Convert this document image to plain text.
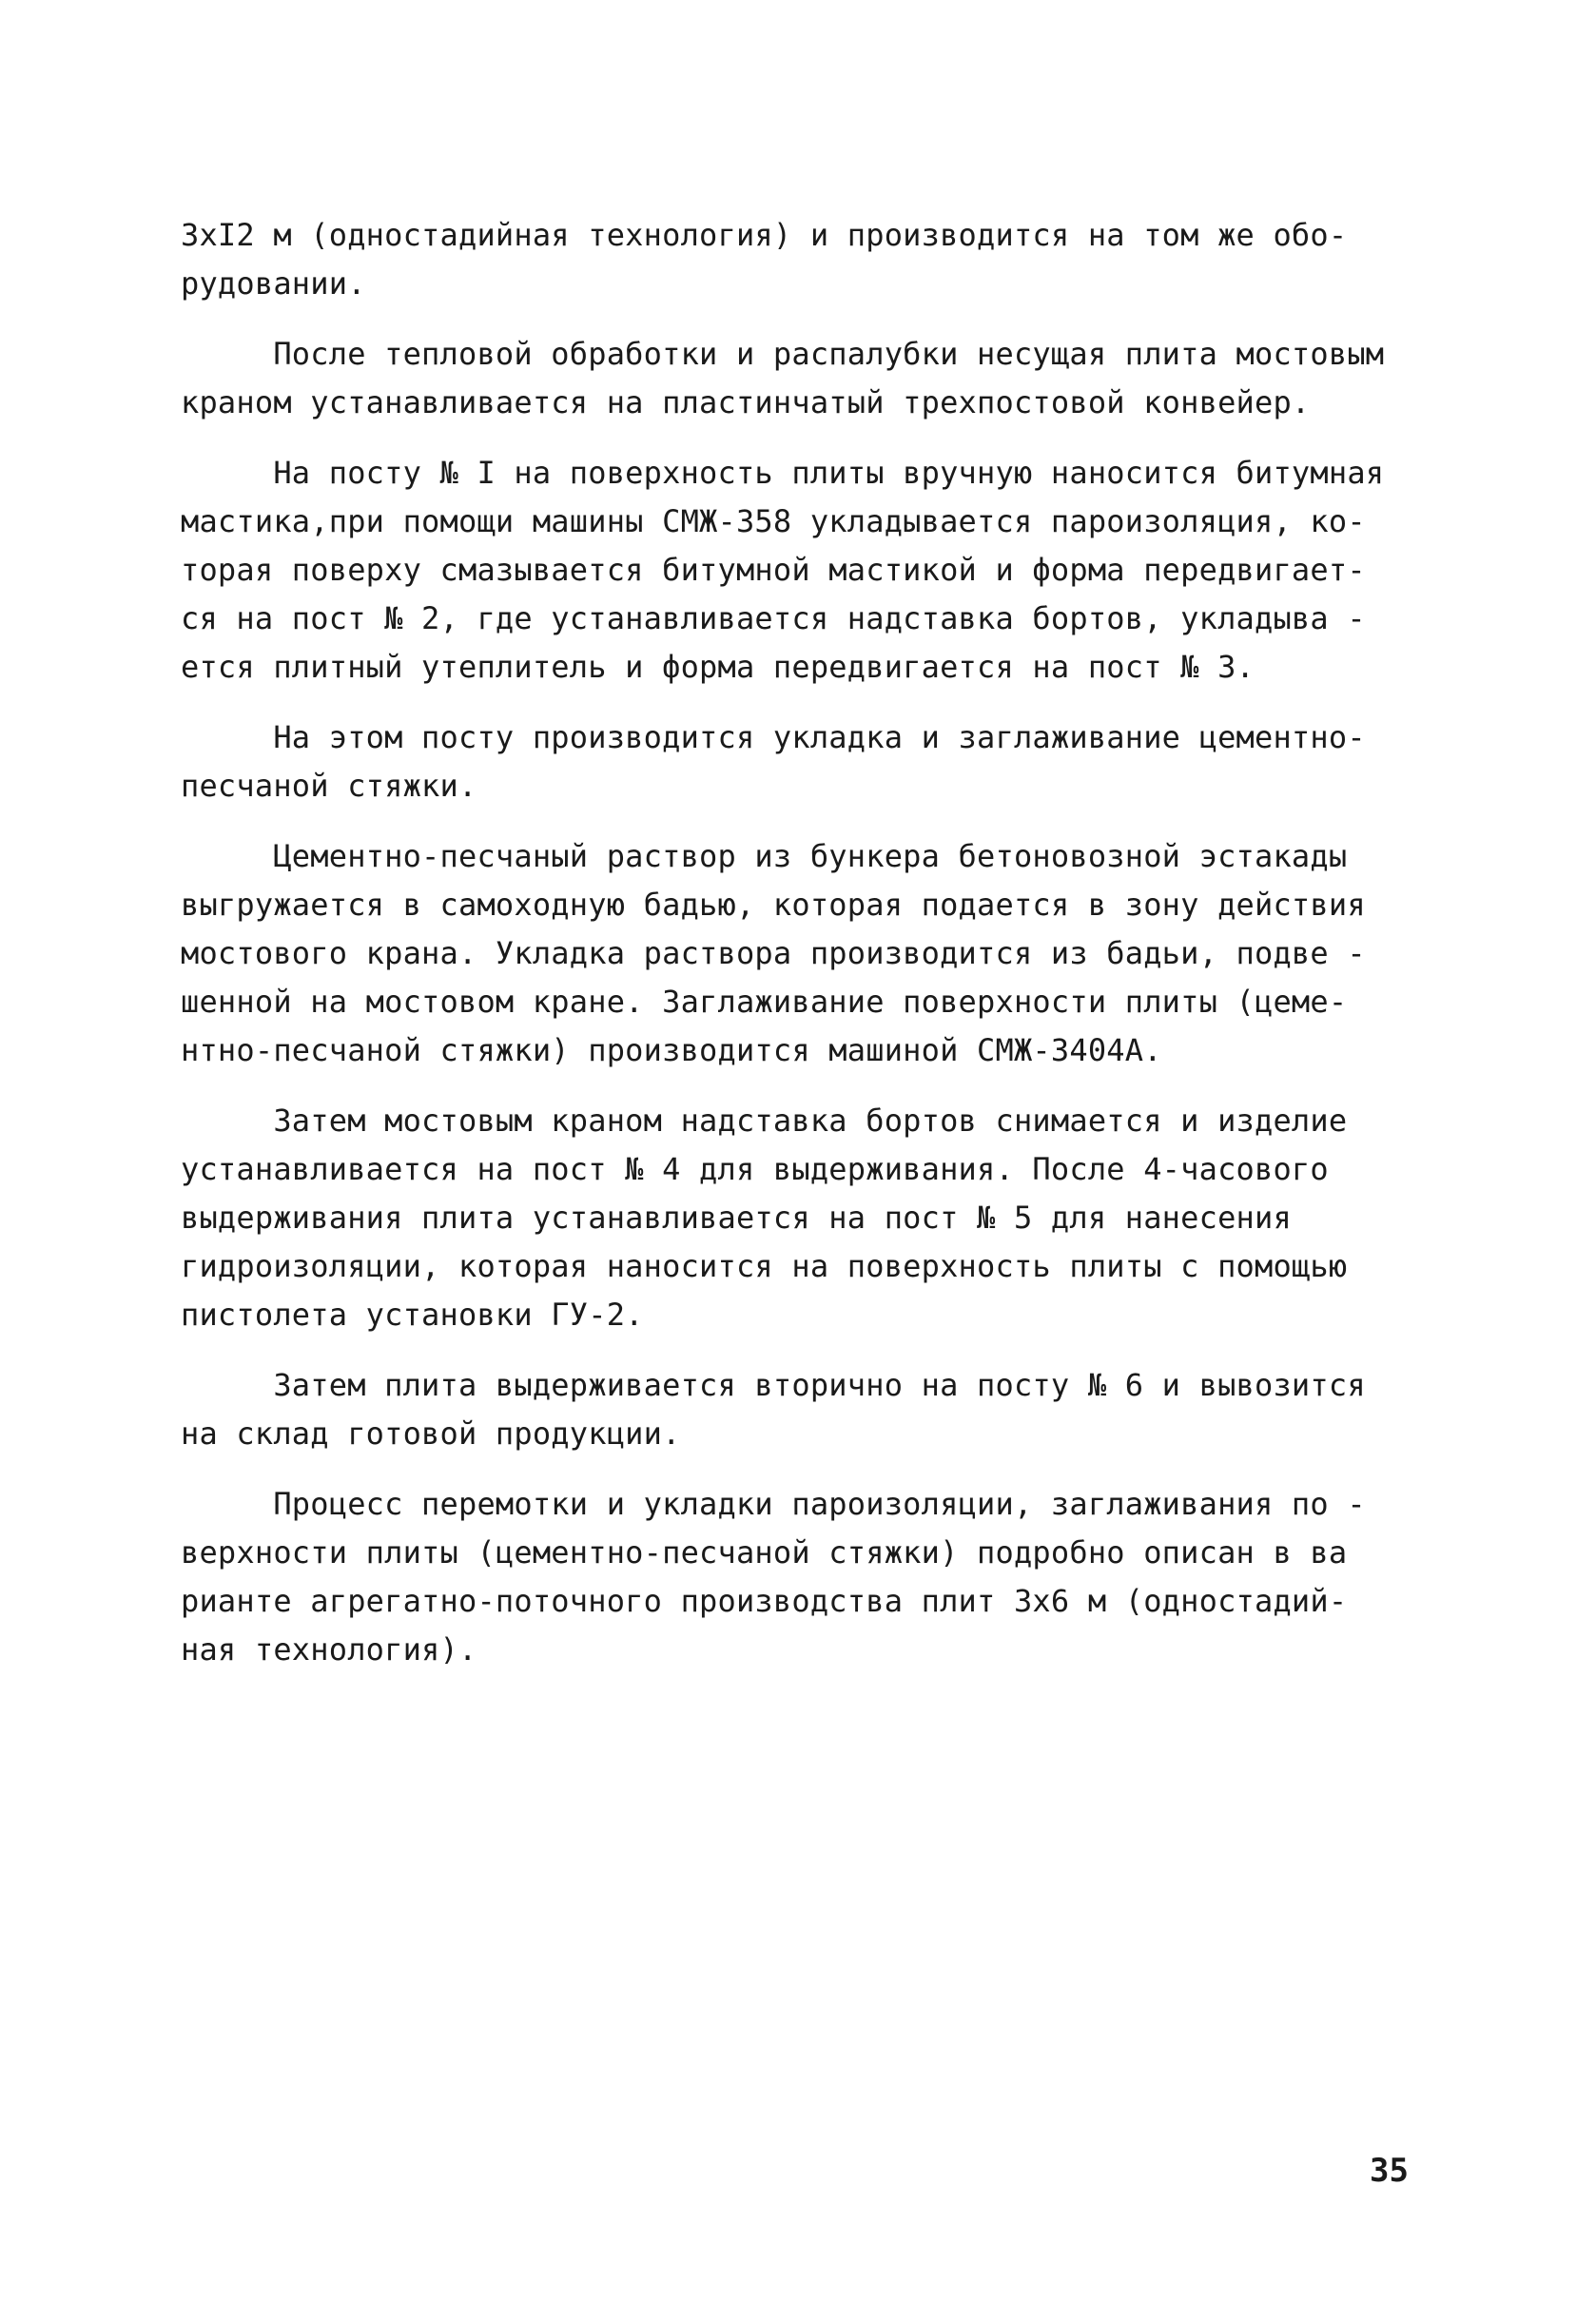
3хI2 м (одностадийная технология) и производится на том же обо-
рудовании.

После тепловой обработки и распалубки несущая плита мостовым
краном устанавливается на пластинчатый трехпостовой конвейер.

На посту № I на поверхность плиты вручную наносится битумная
мастика,при помощи машины СМЖ-358 укладывается пароизоляция, ко-
торая поверху смазывается битумной мастикой и форма передвигает-
ся на пост № 2, где устанавливается надставка бортов, укладыва -
ется плитный утеплитель и форма передвигается на пост № 3.

На этом посту производится укладка и заглаживание цементно-
песчаной стяжки.

Цементно-песчаный раствор из бункера бетоновозной эстакады
выгружается в самоходную бадью, которая подается в зону действия
мостового крана. Укладка раствора производится из бадьи, подве -
шенной на мостовом кране. Заглаживание поверхности плиты (цеме-
нтно-песчаной стяжки) производится машиной СМЖ-3404А.

Затем мостовым краном надставка бортов снимается и изделие
устанавливается на пост № 4 для выдерживания. После 4-часового
выдерживания плита устанавливается на пост № 5 для нанесения
гидроизоляции, которая наносится на поверхность плиты с помощью
пистолета установки ГУ-2.

Затем плита выдерживается вторично на посту № 6 и вывозится
на склад готовой продукции.

Процесс перемотки и укладки пароизоляции, заглаживания по -
верхности плиты (цементно-песчаной стяжки) подробно описан в ва
рианте агрегатно-поточного производства плит 3х6 м (одностадий-
ная технология).

35
